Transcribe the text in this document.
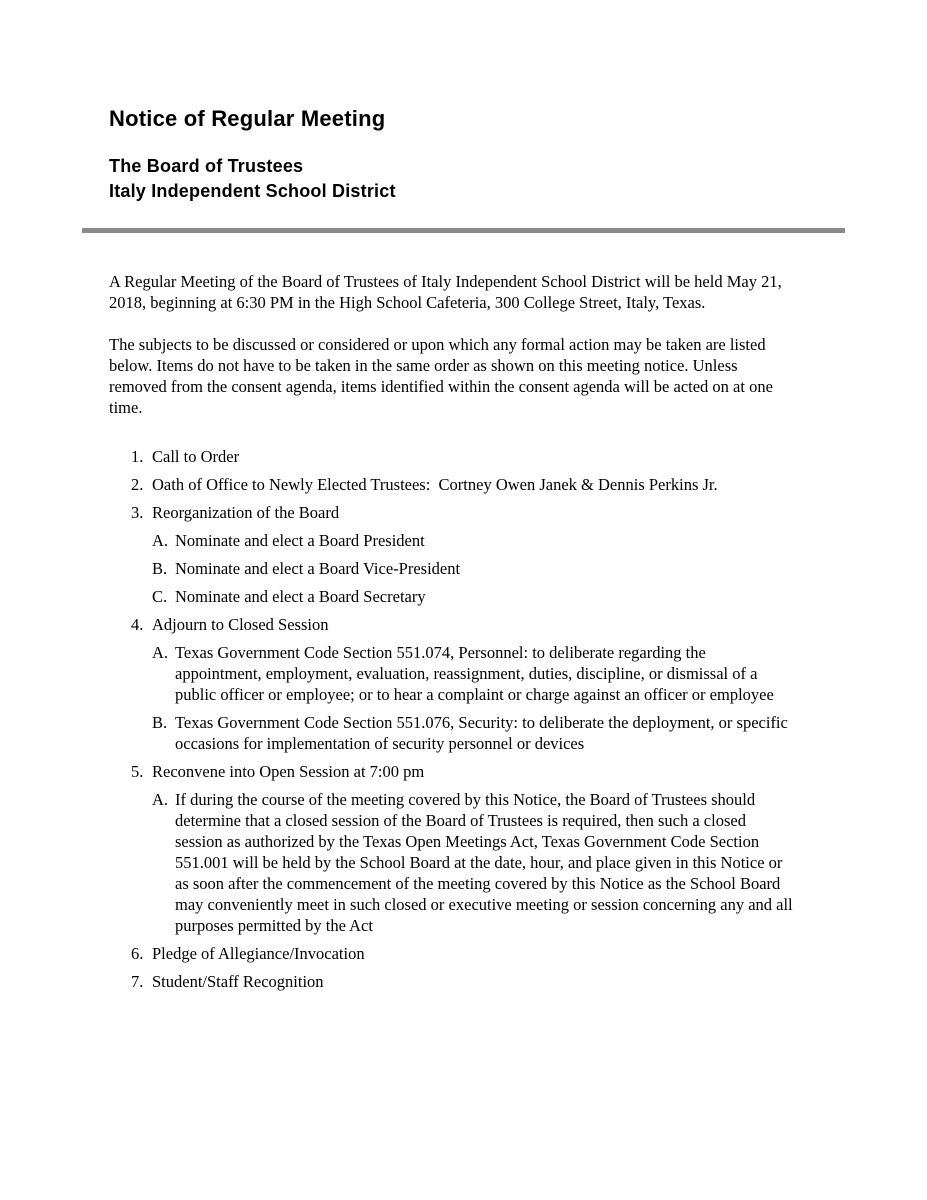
Notice of Regular Meeting

The Board of Trustees

Italy Independent School District

A Regular Meeting of the Board of Trustees of Italy Independent School District will be held May 21, 2018, beginning at 6:30 PM in the High School Cafeteria, 300 College Street, Italy, Texas.

The subjects to be discussed or considered or upon which any formal action may be taken are listed below. Items do not have to be taken in the same order as shown on this meeting notice. Unless removed from the consent agenda, items identified within the consent agenda will be acted on at one time.

1. Call to Order
2. Oath of Office to Newly Elected Trustees:  Cortney Owen Janek & Dennis Perkins Jr.
3. Reorganization of the Board
A. Nominate and elect a Board President
B. Nominate and elect a Board Vice-President
C. Nominate and elect a Board Secretary
4. Adjourn to Closed Session
A. Texas Government Code Section 551.074, Personnel: to deliberate regarding the appointment, employment, evaluation, reassignment, duties, discipline, or dismissal of a public officer or employee; or to hear a complaint or charge against an officer or employee
B. Texas Government Code Section 551.076, Security: to deliberate the deployment, or specific occasions for implementation of security personnel or devices
5. Reconvene into Open Session at 7:00 pm
A. If during the course of the meeting covered by this Notice, the Board of Trustees should determine that a closed session of the Board of Trustees is required, then such a closed session as authorized by the Texas Open Meetings Act, Texas Government Code Section 551.001 will be held by the School Board at the date, hour, and place given in this Notice or as soon after the commencement of the meeting covered by this Notice as the School Board may conveniently meet in such closed or executive meeting or session concerning any and all purposes permitted by the Act
6. Pledge of Allegiance/Invocation
7. Student/Staff Recognition
